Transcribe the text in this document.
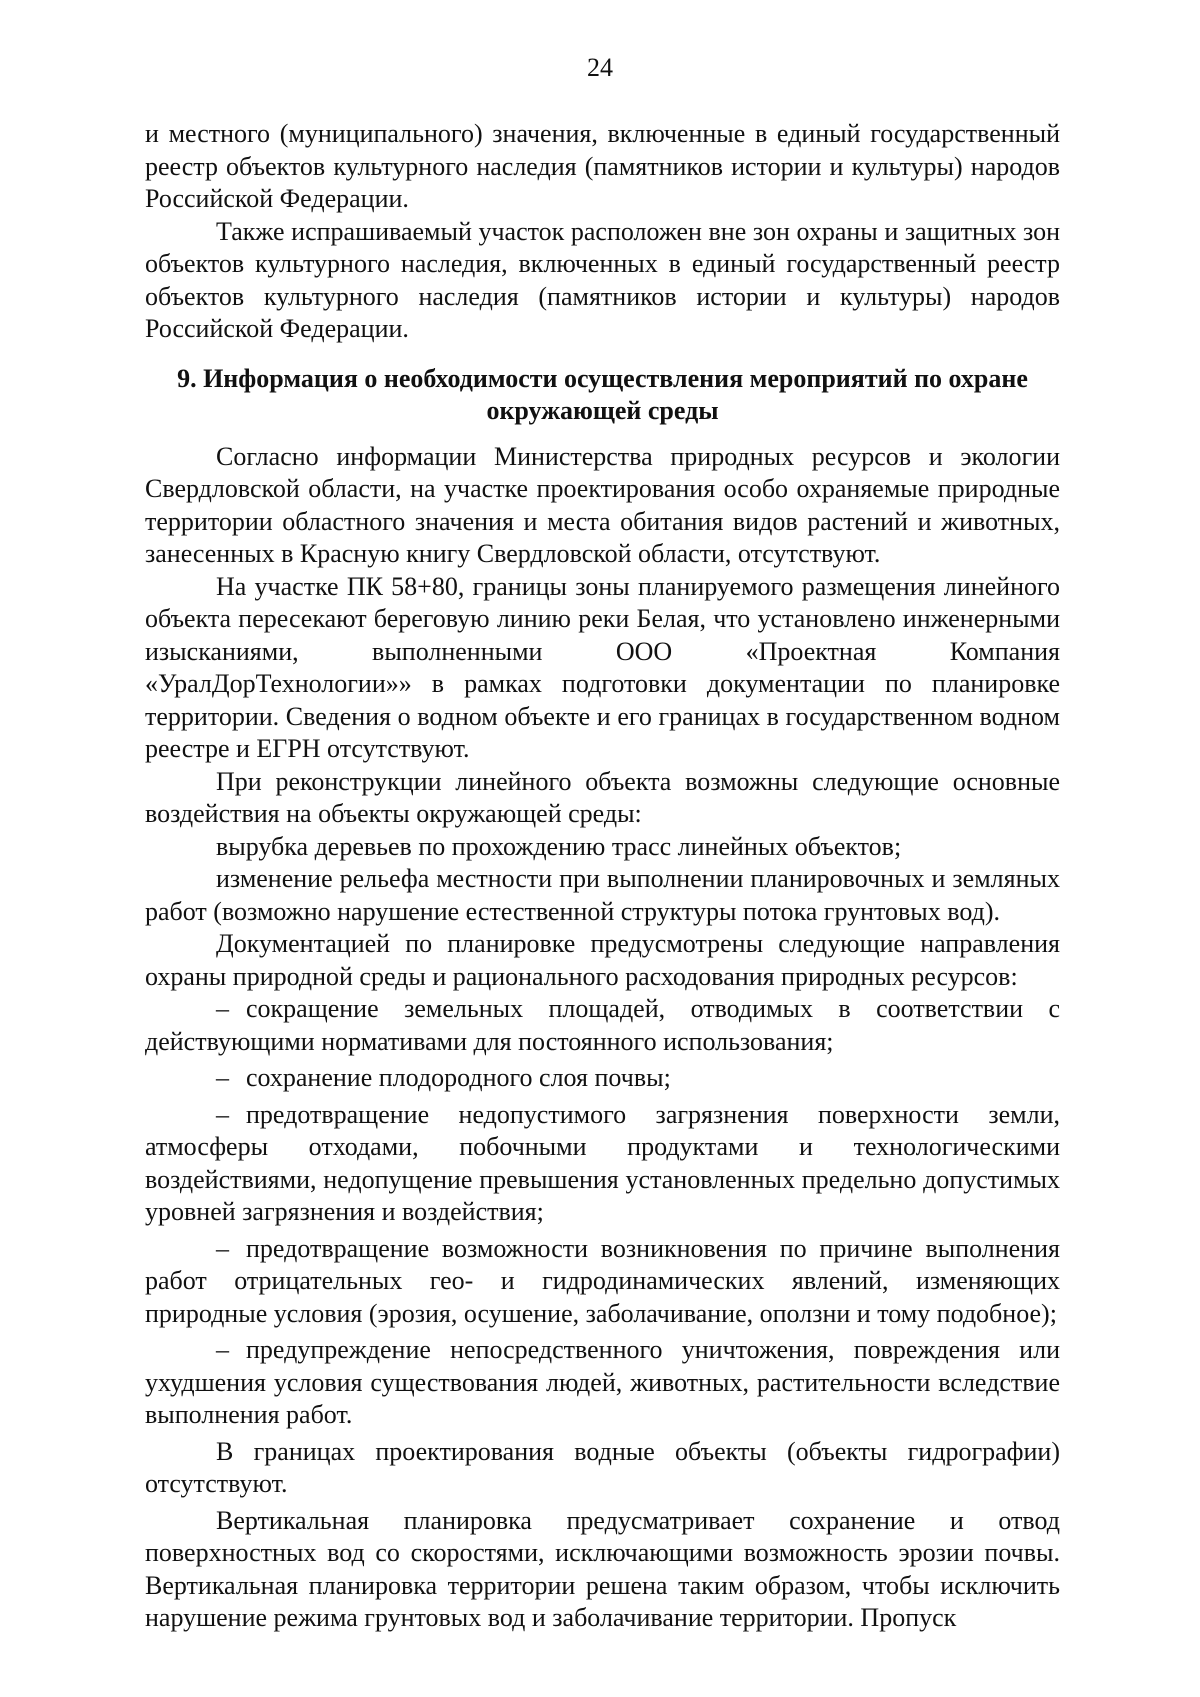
24

и местного (муниципального) значения, включенные в единый государственный реестр объектов культурного наследия (памятников истории и культуры) народов Российской Федерации.

Также испрашиваемый участок расположен вне зон охраны и защитных зон объектов культурного наследия, включенных в единый государственный реестр объектов культурного наследия (памятников истории и культуры) народов Российской Федерации.

9. Информация о необходимости осуществления мероприятий по охране окружающей среды

Согласно информации Министерства природных ресурсов и экологии Свердловской области, на участке проектирования особо охраняемые природные территории областного значения и места обитания видов растений и животных, занесенных в Красную книгу Свердловской области, отсутствуют.

На участке ПК 58+80, границы зоны планируемого размещения линейного объекта пересекают береговую линию реки Белая, что установлено инженерными изысканиями, выполненными ООО «Проектная Компания «УралДорТехнологии»» в рамках подготовки документации по планировке территории. Сведения о водном объекте и его границах в государственном водном реестре и ЕГРН отсутствуют.

При реконструкции линейного объекта возможны следующие основные воздействия на объекты окружающей среды:

вырубка деревьев по прохождению трасс линейных объектов;

изменение рельефа местности при выполнении планировочных и земляных работ (возможно нарушение естественной структуры потока грунтовых вод).

Документацией по планировке предусмотрены следующие направления охраны природной среды и рационального расходования природных ресурсов:

– сокращение земельных площадей, отводимых в соответствии с действующими нормативами для постоянного использования;

– сохранение плодородного слоя почвы;

– предотвращение недопустимого загрязнения поверхности земли, атмосферы отходами, побочными продуктами и технологическими воздействиями, недопущение превышения установленных предельно допустимых уровней загрязнения и воздействия;

– предотвращение возможности возникновения по причине выполнения работ отрицательных гео- и гидродинамических явлений, изменяющих природные условия (эрозия, осушение, заболачивание, оползни и тому подобное);

– предупреждение непосредственного уничтожения, повреждения или ухудшения условия существования людей, животных, растительности вследствие выполнения работ.

В границах проектирования водные объекты (объекты гидрографии) отсутствуют.

Вертикальная планировка предусматривает сохранение и отвод поверхностных вод со скоростями, исключающими возможность эрозии почвы. Вертикальная планировка территории решена таким образом, чтобы исключить нарушение режима грунтовых вод и заболачивание территории. Пропуск
